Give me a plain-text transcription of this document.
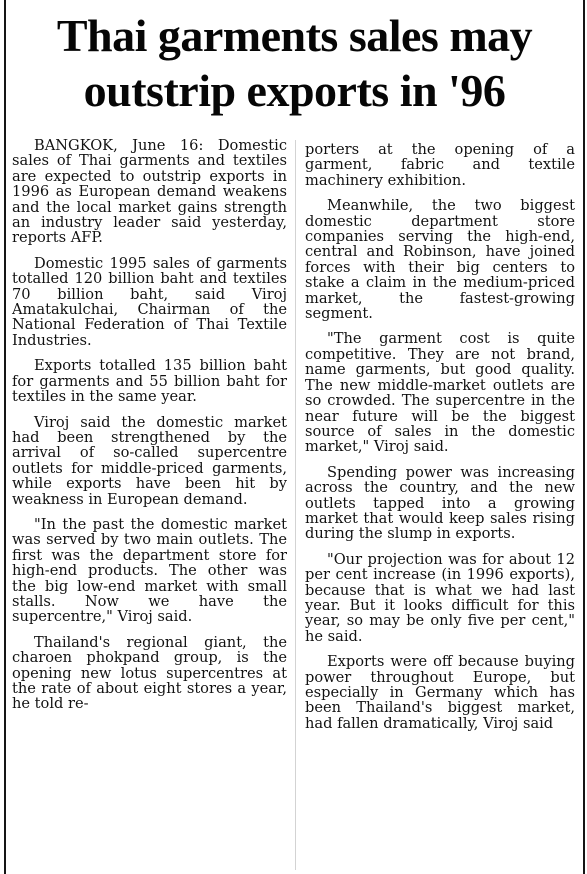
Thai garments sales may
outstrip exports in '96

BANGKOK, June 16: Domestic sales of Thai garments and textiles are expected to outstrip exports in 1996 as European demand weakens and the local market gains strength an industry leader said yesterday, reports AFP.

Domestic 1995 sales of garments totalled 120 billion baht and textiles 70 billion baht, said Viroj Amatakulchai, Chairman of the National Federation of Thai Textile Industries.

Exports totalled 135 billion baht for garments and 55 billion baht for textiles in the same year.

Viroj said the domestic market had been strengthened by the arrival of so-called supercentre outlets for middle-priced garments, while exports have been hit by weakness in European demand.

"In the past the domestic market was served by two main outlets. The first was the department store for high-end products. The other was the big low-end market with small stalls. Now we have the supercentre," Viroj said.

Thailand's regional giant, the charoen phokpand group, is the opening new lotus supercentres at the rate of about eight stores a year, he told re-

porters at the opening of a garment, fabric and textile machinery exhibition.

Meanwhile, the two biggest domestic department store companies serving the high-end, central and Robinson, have joined forces with their big centers to stake a claim in the medium-priced market, the fastest-growing segment.

"The garment cost is quite competitive. They are not brand, name garments, but good quality. The new middle-market outlets are so crowded. The supercentre in the near future will be the biggest source of sales in the domestic market," Viroj said.

Spending power was increasing across the country, and the new outlets tapped into a growing market that would keep sales rising during the slump in exports.

"Our projection was for about 12 per cent increase (in 1996 exports), because that is what we had last year. But it looks difficult for this year, so may be only five per cent," he said.

Exports were off because buying power throughout Europe, but especially in Germany which has been Thailand's biggest market, had fallen dramatically, Viroj said
